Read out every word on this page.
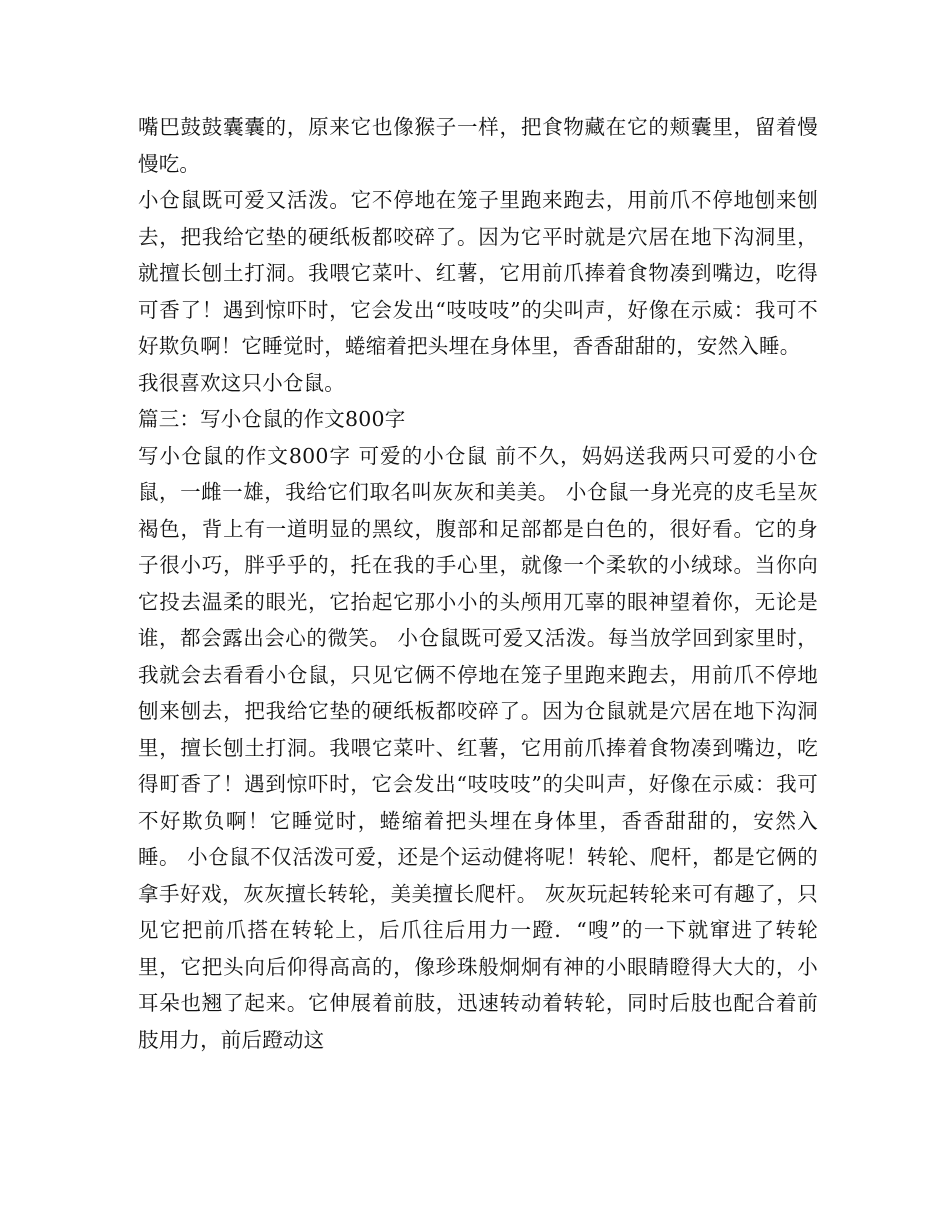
嘴巴鼓鼓囊囊的，原来它也像猴子一样，把食物藏在它的颊囊里，留着慢慢吃。

小仓鼠既可爱又活泼。它不停地在笼子里跑来跑去，用前爪不停地刨来刨去，把我给它垫的硬纸板都咬碎了。因为它平时就是穴居在地下沟洞里，就擅长刨土打洞。我喂它菜叶、红薯，它用前爪捧着食物凑到嘴边，吃得可香了！遇到惊吓时，它会发出“吱吱吱”的尖叫声，好像在示威：我可不好欺负啊！它睡觉时，蜷缩着把头埋在身体里，香香甜甜的，安然入睡。

我很喜欢这只小仓鼠。

篇三：写小仓鼠的作文800字

写小仓鼠的作文800字 可爱的小仓鼠 前不久，妈妈送我两只可爱的小仓鼠，一雌一雄，我给它们取名叫灰灰和美美。 小仓鼠一身光亮的皮毛呈灰褐色，背上有一道明显的黑纹，腹部和足部都是白色的，很好看。它的身子很小巧，胖乎乎的，托在我的手心里，就像一个柔软的小绒球。当你向它投去温柔的眼光，它抬起它那小小的头颅用兀辜的眼神望着你，无论是谁，都会露出会心的微笑。 小仓鼠既可爱又活泼。每当放学回到家里时，我就会去看看小仓鼠，只见它俩不停地在笼子里跑来跑去，用前爪不停地刨来刨去，把我给它垫的硬纸板都咬碎了。因为仓鼠就是穴居在地下沟洞里，擅长刨土打洞。我喂它菜叶、红薯，它用前爪捧着食物凑到嘴边，吃得町香了！遇到惊吓时，它会发出“吱吱吱”的尖叫声，好像在示威：我可不好欺负啊！它睡觉时，蜷缩着把头埋在身体里，香香甜甜的，安然入睡。 小仓鼠不仅活泼可爱，还是个运动健将呢！转轮、爬杆，都是它俩的拿手好戏，灰灰擅长转轮，美美擅长爬杆。 灰灰玩起转轮来可有趣了，只见它把前爪搭在转轮上，后爪往后用力一蹬．“嗖”的一下就窜进了转轮里，它把头向后仰得高高的，像珍珠般炯炯有神的小眼睛瞪得大大的，小耳朵也翘了起来。它伸展着前肢，迅速转动着转轮，同时后肢也配合着前肢用力，前后蹬动这
